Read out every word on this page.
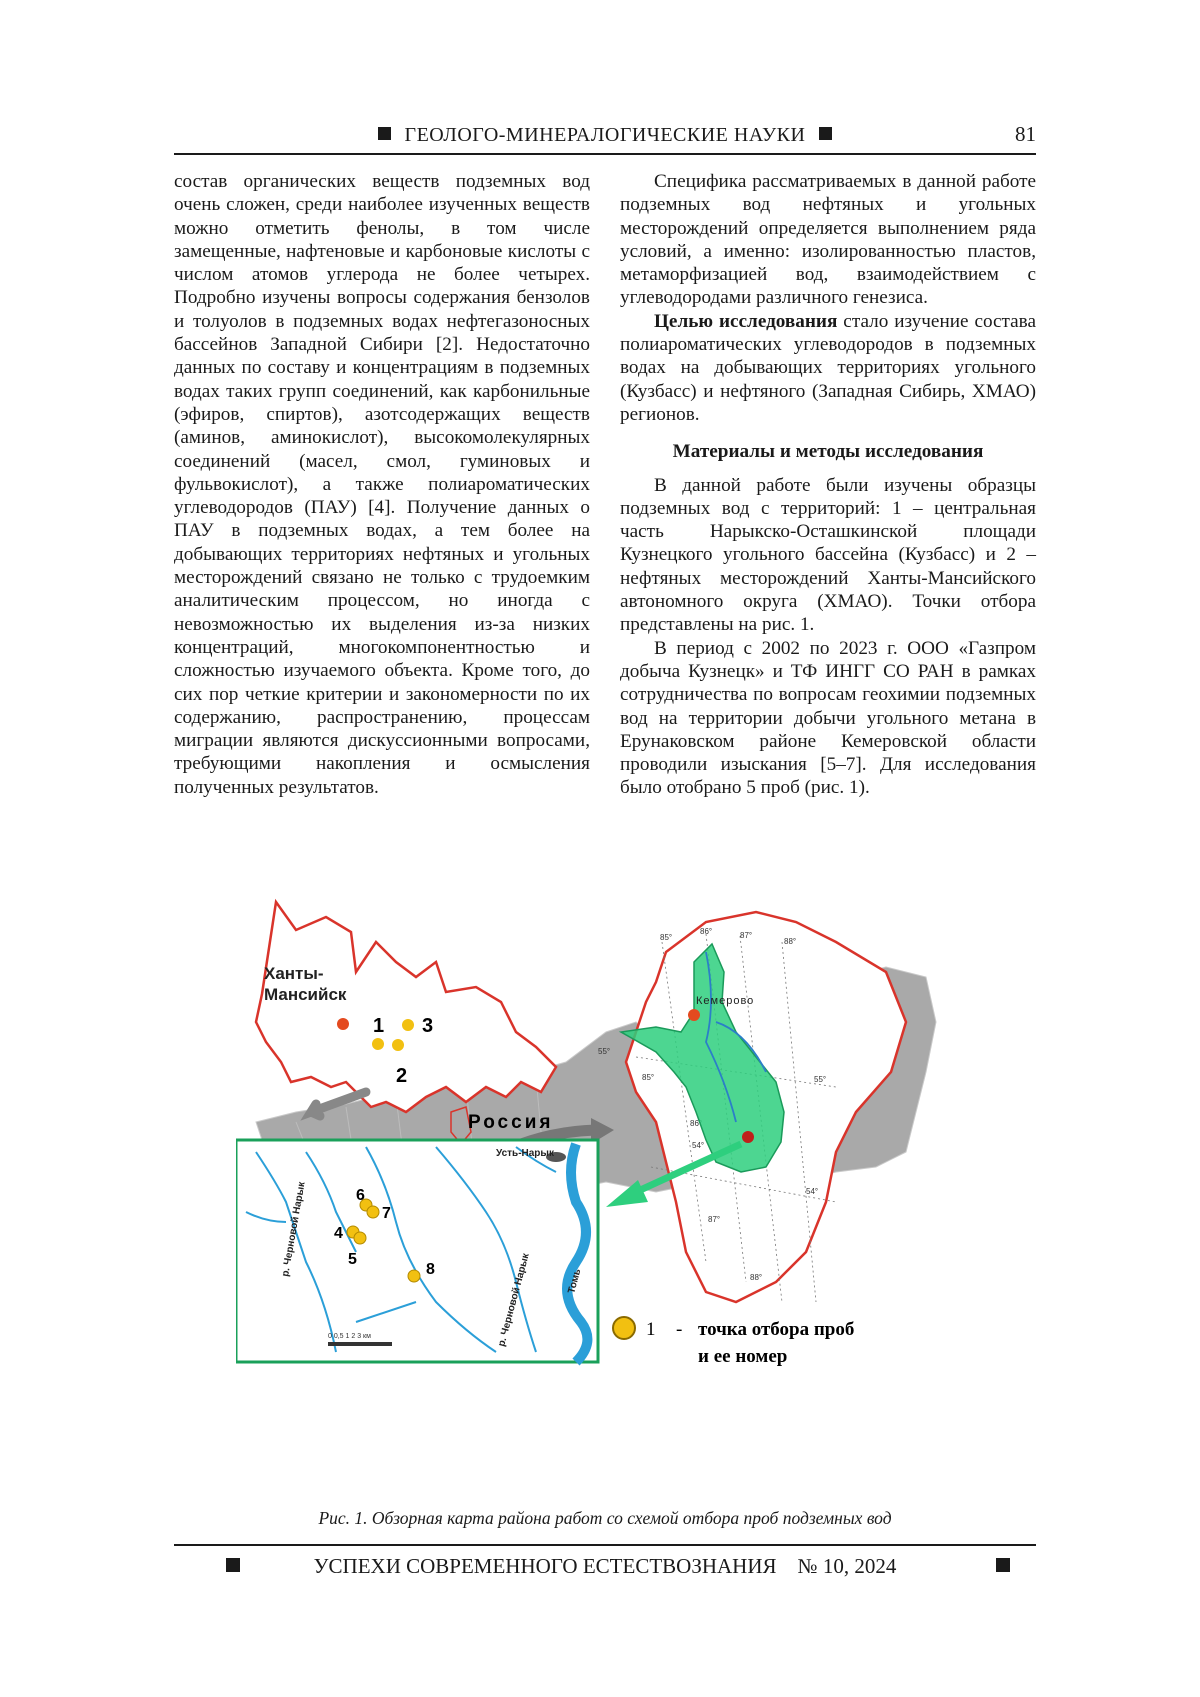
ГЕОЛОГО-МИНЕРАЛОГИЧЕСКИЕ НАУКИ	81

состав органических веществ подземных вод очень сложен, среди наиболее изученных веществ можно отметить фенолы, в том числе замещенные, нафтеновые и карбоновые кислоты с числом атомов углерода не более четырех. Подробно изучены вопросы содержания бензолов и толуолов в подземных водах нефтегазоносных бассейнов Западной Сибири [2]. Недостаточно данных по составу и концентрациям в подземных водах таких групп соединений, как карбонильные (эфиров, спиртов), азотсодержащих веществ (аминов, аминокислот), высокомолекулярных соединений (масел, смол, гуминовых и фульвокислот), а также полиароматических углеводородов (ПАУ) [4]. Получение данных о ПАУ в подземных водах, а тем более на добывающих территориях нефтяных и угольных месторождений связано не только с трудоемким аналитическим процессом, но иногда с невозможностью их выделения из-за низких концентраций, многокомпонентностью и сложностью изучаемого объекта. Кроме того, до сих пор четкие критерии и закономерности по их содержанию, распространению, процессам миграции являются дискуссионными вопросами, требующими накопления и осмысления полученных результатов.

Специфика рассматриваемых в данной работе подземных вод нефтяных и угольных месторождений определяется выполнением ряда условий, а именно: изолированностью пластов, метаморфизацией вод, взаимодействием с углеводородами различного генезиса.

Целью исследования стало изучение состава полиароматических углеводородов в подземных водах на добывающих территориях угольного (Кузбасс) и нефтяного (Западная Сибирь, ХМАО) регионов.

Материалы и методы исследования

В данной работе были изучены образцы подземных вод с территорий: 1 – центральная часть Нарыкско-Осташкинской площади Кузнецкого угольного бассейна (Кузбасс) и 2 – нефтяных месторождений Ханты-Мансийского автономного округа (ХМАО). Точки отбора представлены на рис. 1.

В период с 2002 по 2023 г. ООО «Газпром добыча Кузнецк» и ТФ ИНГГ СО РАН в рамках сотрудничества по вопросам геохимии подземных вод на территории добычи угольного метана в Ерунаковском районе Кемеровской области проводили изыскания [5–7]. Для исследования было отобрано 5 проб (рис. 1).

Ханты-
Мансийск
1
2
3
Россия
85°
86°	87°
88°
55°
55°
54°
54°
85°
86°
87°
88°
Кемерово
Усть-Нарык
р. Черновой Нарык
р. Черновой Нарык	Томь
4
5
6
7
8
0 0,5 1 2 3 км	1 - точка отбора проб
и ее номер
Рис. 1. Обзорная карта района работ со схемой отбора проб подземных вод
УСПЕХИ СОВРЕМЕННОГО ЕСТЕСТВОЗНАНИЯ № 10, 2024
